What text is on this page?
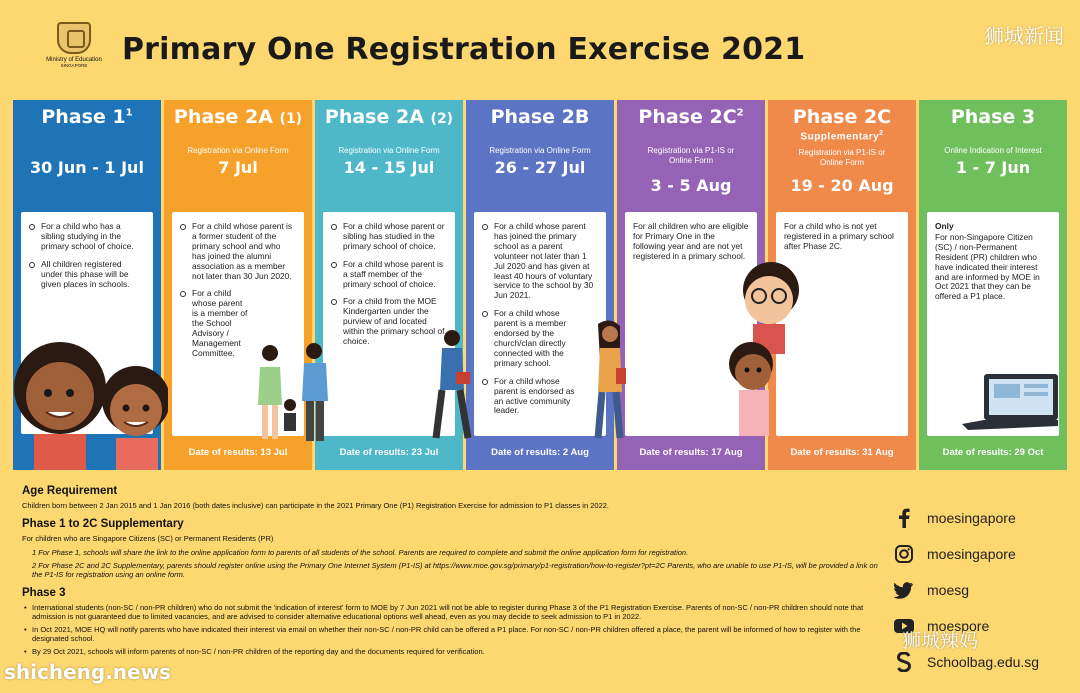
Ministry of Education
SINGAPORE	Primary One Registration Exercise 2021	狮城新闻
Phase $1^1$
30 Jun - 1 Jul
For a child who has a sibling studying in the primary school of choice.
All children registered under this phase will be given places in schools.
Phase 2A (1)
Registration via Online Form
7 Jul
For a child whose parent is a former student of the primary school and who has joined the alumni association as a member not later than 30 Jun 2020.
For a child whose parent is a member of the School Advisory / Management Committee.
Date of results: 13 Jul
Phase 2A (2)
Registration via Online Form
14 - 15 Jul
For a child whose parent or sibling has studied in the primary school of choice.
For a child whose parent is a staff member of the primary school of choice.
For a child from the MOE Kindergarten under the purview of and located within the primary school of choice.
Date of results: 23 Jul
Phase 2B
Registration via Online Form
26 - 27 Jul
For a child whose parent has joined the primary school as a parent volunteer not later than 1 Jul 2020 and has given at least 40 hours of voluntary service to the school by 30 Jun 2021.
For a child whose parent is a member endorsed by the church/clan directly connected with the primary school.
For a child whose parent is endorsed as an active community leader.
Date of results: 2 Aug
Phase $2C^2$
Registration via P1-IS or Online Form
3 - 5 Aug
For all children who are eligible for Primary One in the following year and are not yet registered in a primary school.
Date of results: 17 Aug
Phase 2C
Supplementary$^2$
Registration via P1-IS or Online Form
19 - 20 Aug
For a child who is not yet registered in a primary school after Phase 2C.
Date of results: 31 Aug
Phase 3
Online Indication of Interest
1 - 7 Jun
Only
For non-Singapore Citizen (SC) / non-Permanent Resident (PR) children who have indicated their interest and are informed by MOE in Oct 2021 that they can be offered a P1 place.
Date of results: 29 Oct
Age Requirement

Children born between 2 Jan 2015 and 1 Jan 2016 (both dates inclusive) can participate in the 2021 Primary One (P1) Registration Exercise for admission to P1 classes in 2022.

Phase 1 to 2C Supplementary

For children who are Singapore Citizens (SC) or Permanent Residents (PR)

1 For Phase 1, schools will share the link to the online application form to parents of all students of the school. Parents are required to complete and submit the online application form for registration.

2 For Phase 2C and 2C Supplementary, parents should register online using the Primary One Internet System (P1-IS) at https://www.moe.gov.sg/primary/p1-registration/how-to-register?pt=2C Parents, who are unable to use P1-IS, will be provided a link on the P1-IS for registration using an online form.

Phase 3
• International students (non-SC / non-PR children) who do not submit the 'indication of interest' form to MOE by 7 Jun 2021 will not be able to register during Phase 3 of the P1 Registration Exercise. Parents of non-SC / non-PR children should note that admission is not guaranteed due to limited vacancies, and are advised to consider alternative educational options well ahead, even as you may decide to seek admission to P1 in 2022.
• In Oct 2021, MOE HQ will notify parents who have indicated their interest via email on whether their non-SC / non-PR child can be offered a P1 place. For non-SC / non-PR children offered a place, the parent will be informed of how to register with the designated school.
• By 29 Oct 2021, schools will inform parents of non-SC / non-PR children of the reporting day and the documents required for verification.
moesingapore
moesingapore
moesg
moespore
Schoolbag.edu.sg
狮城辣妈
shicheng.news
